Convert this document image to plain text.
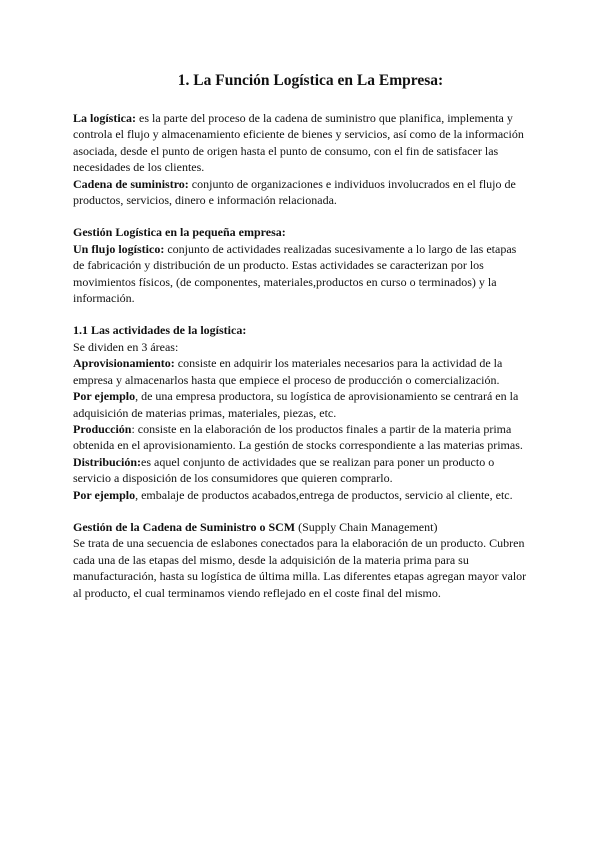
1. La Función Logística en La Empresa:

La logística: es la parte del proceso de la cadena de suministro que planifica, implementa y controla el flujo y almacenamiento eficiente de bienes y servicios, así como de la información asociada, desde el punto de origen hasta el punto de consumo, con el fin de satisfacer las necesidades de los clientes.

Cadena de suministro: conjunto de organizaciones e individuos involucrados en el flujo de productos, servicios, dinero e información relacionada.

Gestión Logística en la pequeña empresa:

Un flujo logístico: conjunto de actividades realizadas sucesivamente a lo largo de las etapas de fabricación y distribución de un producto. Estas actividades se caracterizan por los movimientos físicos, (de componentes, materiales,productos en curso o terminados) y la información.

1.1 Las actividades de la logística:

Se dividen en 3 áreas:

Aprovisionamiento: consiste en adquirir los materiales necesarios para la actividad de la empresa y almacenarlos hasta que empiece el proceso de producción o comercialización.

Por ejemplo, de una empresa productora, su logística de aprovisionamiento se centrará en la adquisición de materias primas, materiales, piezas, etc.

Producción: consiste en la elaboración de los productos finales a partir de la materia prima obtenida en el aprovisionamiento. La gestión de stocks correspondiente a las materias primas.

Distribución:es aquel conjunto de actividades que se realizan para poner un producto o servicio a disposición de los consumidores que quieren comprarlo.

Por ejemplo, embalaje de productos acabados,entrega de productos, servicio al cliente, etc.

Gestión de la Cadena de Suministro o SCM (Supply Chain Management)

Se trata de una secuencia de eslabones conectados para la elaboración de un producto. Cubren cada una de las etapas del mismo, desde la adquisición de la materia prima para su manufacturación, hasta su logística de última milla. Las diferentes etapas agregan mayor valor al producto, el cual terminamos viendo reflejado en el coste final del mismo.
